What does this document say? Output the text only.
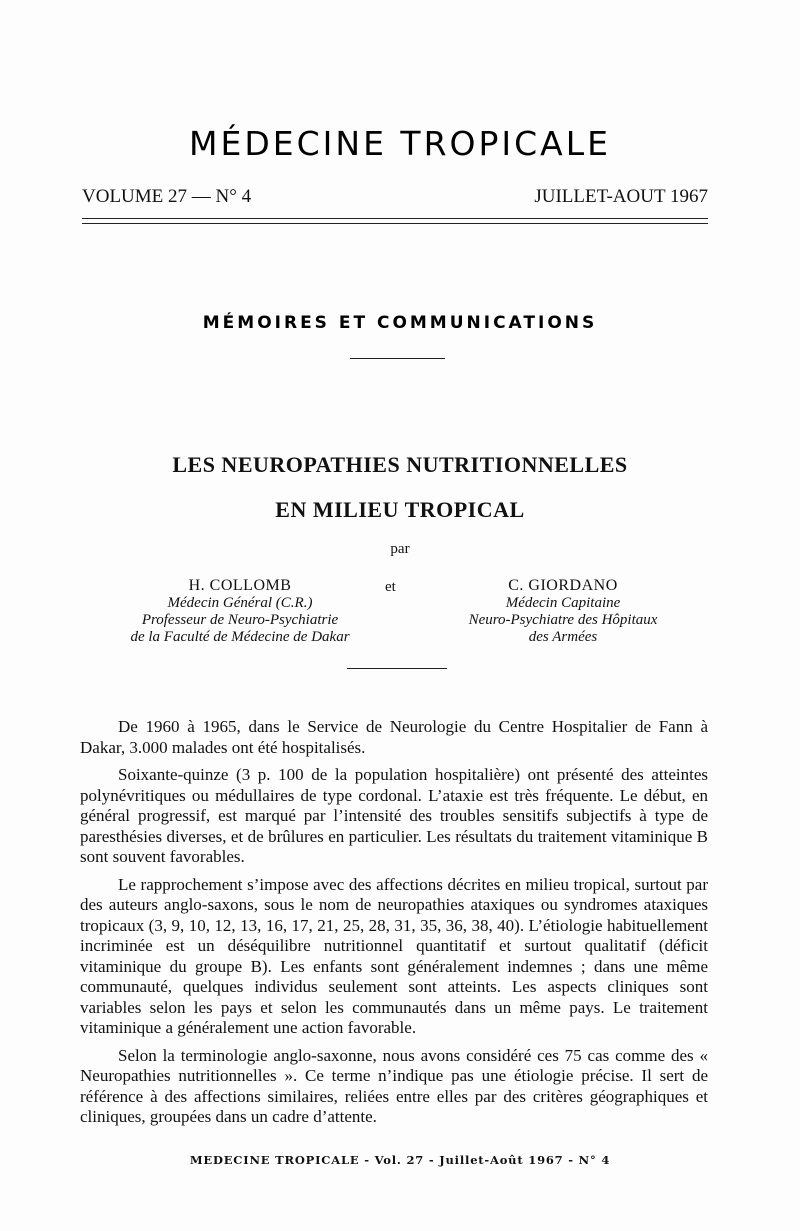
MÉDECINE TROPICALE
VOLUME 27 — N° 4	JUILLET-AOUT 1967
MÉMOIRES ET COMMUNICATIONS
LES NEUROPATHIES NUTRITIONNELLES
EN MILIEU TROPICAL
par
H. COLLOMB
Médecin Général (C.R.)
Professeur de Neuro-Psychiatrie
de la Faculté de Médecine de Dakar
et	C. GIORDANO
Médecin Capitaine
Neuro-Psychiatre des Hôpitaux
des Armées

De 1960 à 1965, dans le Service de Neurologie du Centre Hospitalier de Fann à Dakar, 3.000 malades ont été hospitalisés.

Soixante-quinze (3 p. 100 de la population hospitalière) ont présenté des atteintes polynévritiques ou médullaires de type cordonal. L’ataxie est très fréquente. Le début, en général progressif, est marqué par l’intensité des troubles sensitifs subjectifs à type de paresthésies diverses, et de brûlures en particulier. Les résultats du traitement vitaminique B sont souvent favorables.

Le rapprochement s’impose avec des affections décrites en milieu tropical, surtout par des auteurs anglo-saxons, sous le nom de neuropathies ataxiques ou syndromes ataxiques tropicaux (3, 9, 10, 12, 13, 16, 17, 21, 25, 28, 31, 35, 36, 38, 40). L’étiologie habituellement incriminée est un déséquilibre nutritionnel quantitatif et surtout qualitatif (déficit vitaminique du groupe B). Les enfants sont généralement indemnes ; dans une même communauté, quelques individus seulement sont atteints. Les aspects cliniques sont variables selon les pays et selon les communautés dans un même pays. Le traitement vitaminique a généralement une action favorable.

Selon la terminologie anglo-saxonne, nous avons considéré ces 75 cas comme des « Neuropathies nutritionnelles ». Ce terme n’indique pas une étiologie précise. Il sert de référence à des affections similaires, reliées entre elles par des critères géographiques et cliniques, groupées dans un cadre d’attente.

MEDECINE TROPICALE - Vol. 27 - Juillet-Août 1967 - N° 4
